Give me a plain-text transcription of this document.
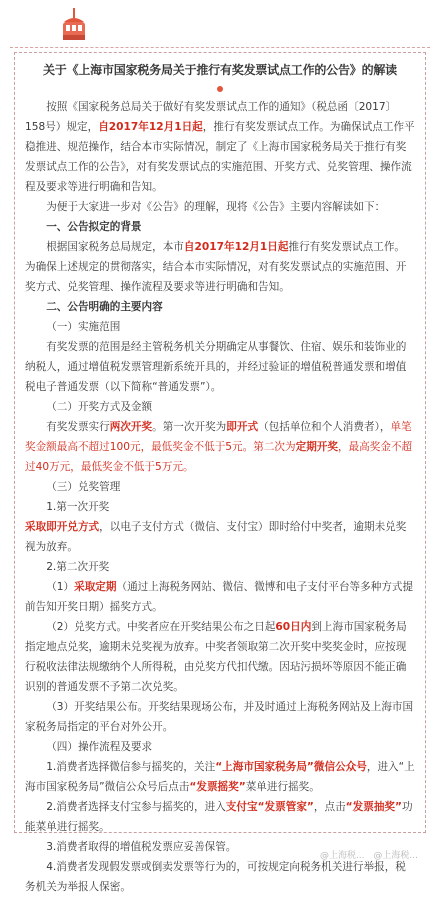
关于《上海市国家税务局关于推行有奖发票试点工作的公告》的解读

按照《国家税务总局关于做好有奖发票试点工作的通知》（税总函〔2017〕158号）规定，自2017年12月1日起，推行有奖发票试点工作。为确保试点工作平稳推进、规范操作，结合本市实际情况，制定了《上海市国家税务局关于推行有奖发票试点工作的公告》，对有奖发票试点的实施范围、开奖方式、兑奖管理、操作流程及要求等进行明确和告知。

为便于大家进一步对《公告》的理解，现将《公告》主要内容解读如下：

一、公告拟定的背景

根据国家税务总局规定，本市自2017年12月1日起推行有奖发票试点工作。为确保上述规定的贯彻落实，结合本市实际情况，对有奖发票试点的实施范围、开奖方式、兑奖管理、操作流程及要求等进行明确和告知。

二、公告明确的主要内容

（一）实施范围

有奖发票的范围是经主管税务机关分期确定从事餐饮、住宿、娱乐和装饰业的纳税人，通过增值税发票管理新系统开具的，并经过验证的增值税普通发票和增值税电子普通发票（以下简称“普通发票”）。

（二）开奖方式及金额

有奖发票实行两次开奖。第一次开奖为即开式（包括单位和个人消费者），单笔奖金额最高不超过100元，最低奖金不低于5元。第二次为定期开奖，最高奖金不超过40万元，最低奖金不低于5万元。

（三）兑奖管理

1.第一次开奖

采取即开兑方式，以电子支付方式（微信、支付宝）即时给付中奖者，逾期未兑奖视为放弃。

2.第二次开奖

（1）采取定期（通过上海税务网站、微信、微博和电子支付平台等多种方式提前告知开奖日期）摇奖方式。

（2）兑奖方式。中奖者应在开奖结果公布之日起60日内到上海市国家税务局指定地点兑奖，逾期未兑奖视为放弃。中奖者领取第二次开奖中奖奖金时，应按现行税收法律法规缴纳个人所得税，由兑奖方代扣代缴。因玷污损坏等原因不能正确识别的普通发票不予第二次兑奖。

（3）开奖结果公布。开奖结果现场公布，并及时通过上海税务网站及上海市国家税务局指定的平台对外公开。

（四）操作流程及要求

1.消费者选择微信参与摇奖的，关注“上海市国家税务局”微信公众号，进入“上海市国家税务局”微信公众号后点击“发票摇奖”菜单进行摇奖。

2.消费者选择支付宝参与摇奖的，进入支付宝“发票管家”，点击“发票抽奖”功能菜单进行摇奖。

3.消费者取得的增值税发票应妥善保管。

4.消费者发现假发票或倒卖发票等行为的，可按规定向税务机关进行举报，税务机关为举报人保密。

@上海税... @上海税...
